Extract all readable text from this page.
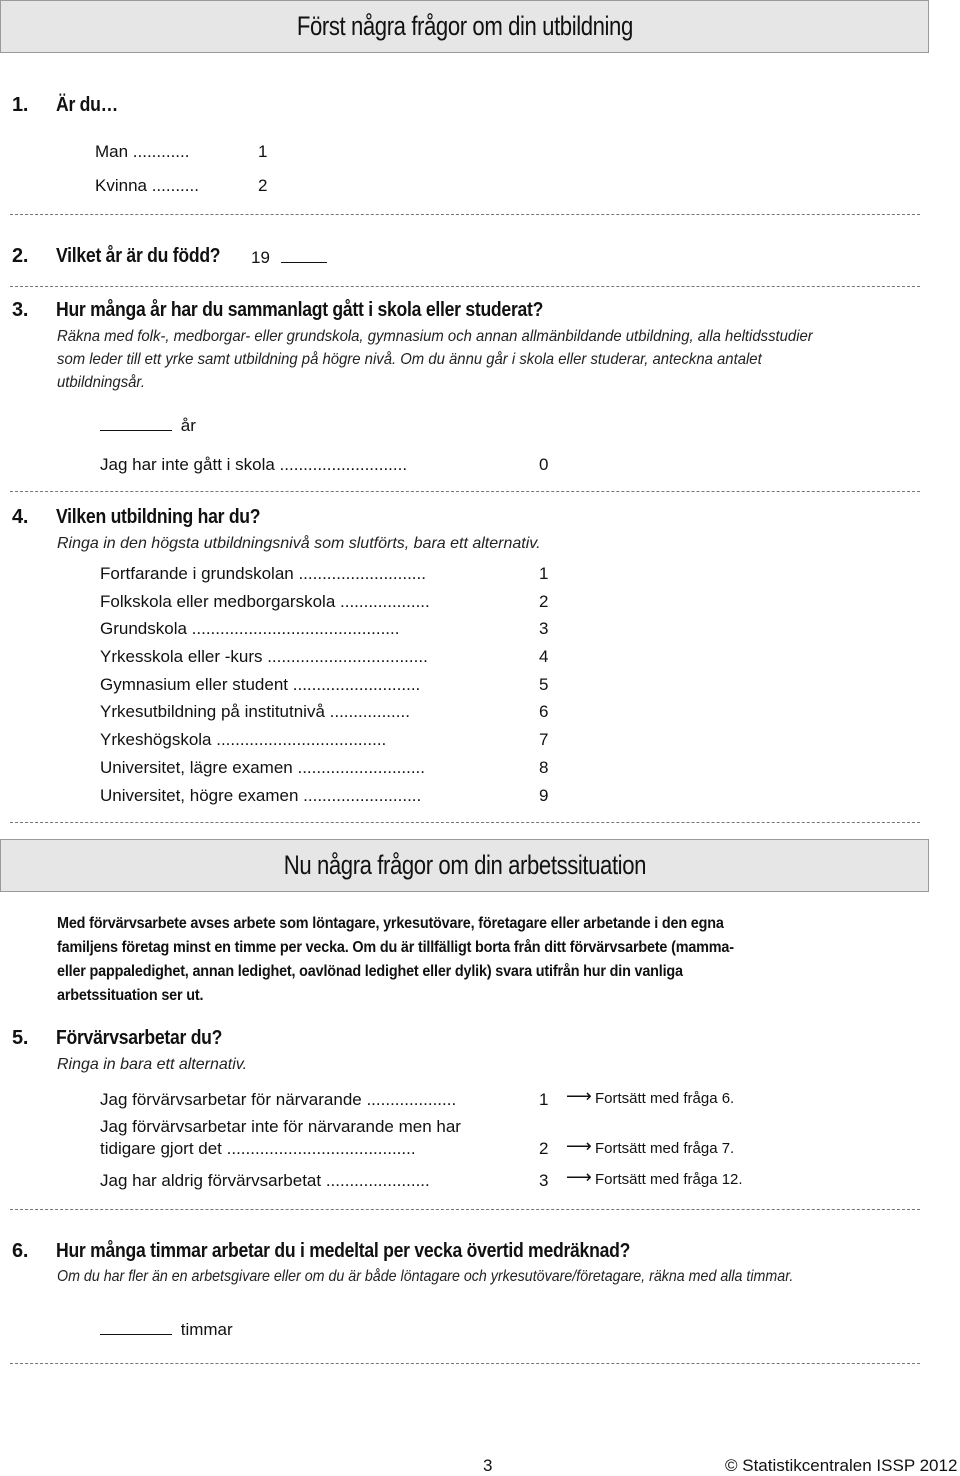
Först några frågor om din utbildning
1. Är du…
Man ............	1
Kvinna ..........	2
2. Vilket år är du född?	19
3. Hur många år har du sammanlagt gått i skola eller studerat?
Räkna med folk-, medborgar- eller grundskola, gymnasium och annan allmänbildande utbildning, alla heltidsstudier
som leder till ett yrke samt utbildning på högre nivå. Om du ännu går i skola eller studerar, anteckna antalet
utbildningsår.
år
Jag har inte gått i skola ...........................	0
4. Vilken utbildning har du?
Ringa in den högsta utbildningsnivå som slutförts, bara ett alternativ.
Fortfarande i grundskolan ...........................	1
Folkskola eller medborgarskola ...................	2
Grundskola ............................................	3
Yrkesskola eller -kurs ..................................	4
Gymnasium eller student ...........................	5
Yrkesutbildning på institutnivå .................	6
Yrkeshögskola ....................................	7
Universitet, lägre examen ...........................	8
Universitet, högre examen .........................	9
Nu några frågor om din arbetssituation
Med förvärvsarbete avses arbete som löntagare, yrkesutövare, företagare eller arbetande i den egna
familjens företag minst en timme per vecka. Om du är tillfälligt borta från ditt förvärvsarbete (mamma-
eller pappaledighet, annan ledighet, oavlönad ledighet eller dylik) svara utifrån hur din vanliga
arbetssituation ser ut.
5. Förvärvsarbetar du?
Ringa in bara ett alternativ.
Jag förvärvsarbetar för närvarande ...................	1 ⟶ Fortsätt med fråga 6.
Jag förvärvsarbetar inte för närvarande men har
tidigare gjort det ........................................	2 ⟶ Fortsätt med fråga 7.
Jag har aldrig förvärvsarbetat ......................	3 ⟶ Fortsätt med fråga 12.
6. Hur många timmar arbetar du i medeltal per vecka övertid medräknad?
Om du har fler än en arbetsgivare eller om du är både löntagare och yrkesutövare/företagare, räkna med alla timmar.
timmar
3	© Statistikcentralen ISSP 2012
